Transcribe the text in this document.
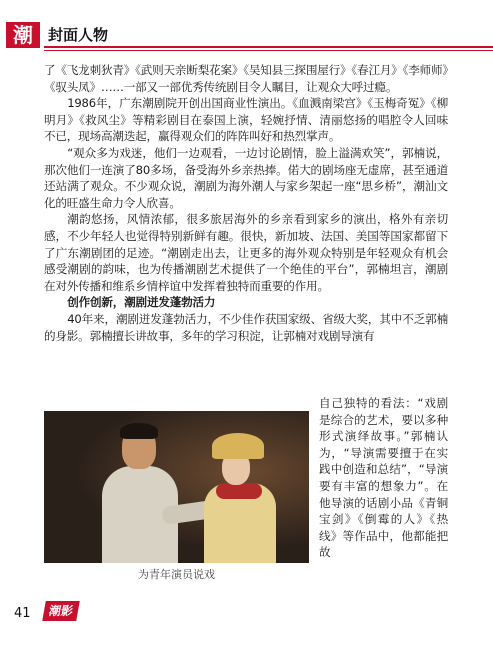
潮	封面人物

了《飞龙刺狄青》《武则天亲断梨花案》《吴知县三探围屋行》《春江月》《李师师》《驭头凤》……一部又一部优秀传统剧目令人瞩目，让观众大呼过瘾。

1986年，广东潮剧院开创出国商业性演出。《血溅南梁宫》《玉梅奇冤》《柳明月》《救风尘》等精彩剧目在泰国上演，轻婉抒情、清丽悠扬的唱腔令人回味不已，现场高潮迭起，赢得观众们的阵阵叫好和热烈掌声。

“观众多为戏迷，他们一边观看，一边讨论剧情，脸上溢满欢笑”，郭楠说，那次他们一连演了80多场，备受海外乡亲热捧。偌大的剧场座无虚席，甚至通道还站满了观众。不少观众说，潮剧为海外潮人与家乡架起一座“思乡桥”，潮汕文化的旺盛生命力令人欣喜。

潮韵悠扬，风情浓郁，很多旅居海外的乡亲看到家乡的演出，格外有亲切感，不少年轻人也觉得特别新鲜有趣。很快，新加坡、法国、美国等国家都留下了广东潮剧团的足迹。“潮剧走出去，让更多的海外观众特别是年轻观众有机会感受潮剧的韵味，也为传播潮剧艺术提供了一个绝佳的平台”，郭楠坦言，潮剧在对外传播和维系乡情梓谊中发挥着独特而重要的作用。

创作创新，潮剧迸发蓬勃活力

40年来，潮剧迸发蓬勃活力，不少佳作获国家级、省级大奖，其中不乏郭楠的身影。郭楠擅长讲故事，多年的学习积淀，让郭楠对戏剧导演有

为青年演员说戏
自己独特的看法：“戏剧是综合的艺术，要以多种形式演绎故事。”郭楠认为，“导演需要擅于在实践中创造和总结”，“导演要有丰富的想象力”。在他导演的话剧小品《青铜宝剑》《倒霉的人》《热线》等作品中，他都能把故
41	潮影
